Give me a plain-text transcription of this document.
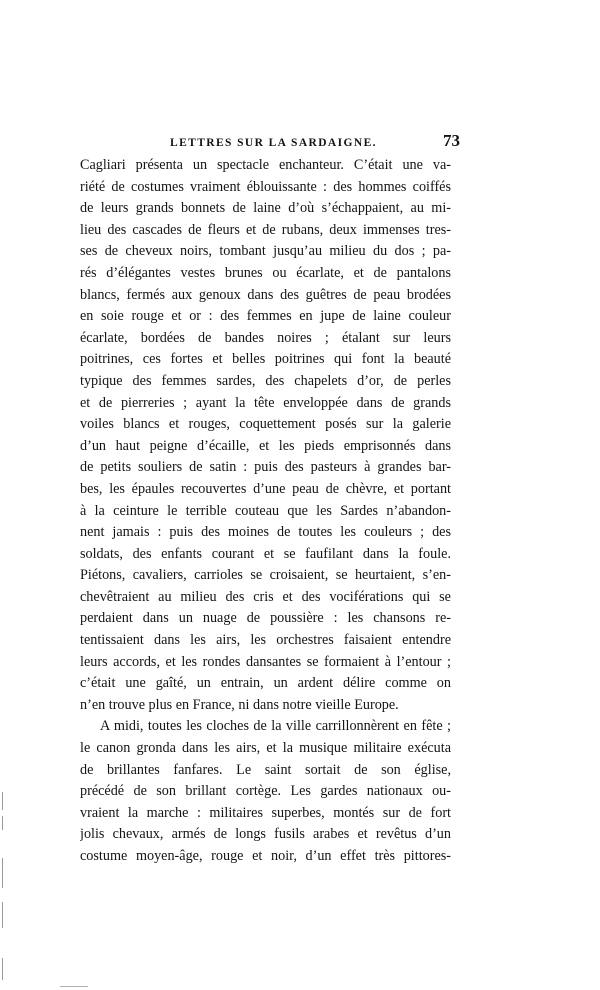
LETTRES SUR LA SARDAIGNE.	73
Cagliari présenta un spectacle enchanteur. C’était une va-
riété de costumes vraiment éblouissante : des hommes coiffés
de leurs grands bonnets de laine d’où s’échappaient, au mi-
lieu des cascades de fleurs et de rubans, deux immenses tres-
ses de cheveux noirs, tombant jusqu’au milieu du dos ; pa-
rés d’élégantes vestes brunes ou écarlate, et de pantalons
blancs, fermés aux genoux dans des guêtres de peau brodées
en soie rouge et or : des femmes en jupe de laine couleur
écarlate, bordées de bandes noires ; étalant sur leurs
poitrines, ces fortes et belles poitrines qui font la beauté
typique des femmes sardes, des chapelets d’or, de perles
et de pierreries ; ayant la tête enveloppée dans de grands
voiles blancs et rouges, coquettement posés sur la galerie
d’un haut peigne d’écaille, et les pieds emprisonnés dans
de petits souliers de satin : puis des pasteurs à grandes bar-
bes, les épaules recouvertes d’une peau de chèvre, et portant
à la ceinture le terrible couteau que les Sardes n’abandon-
nent jamais : puis des moines de toutes les couleurs ; des
soldats, des enfants courant et se faufilant dans la foule.
Piétons, cavaliers, carrioles se croisaient, se heurtaient, s’en-
chevêtraient au milieu des cris et des vociférations qui se
perdaient dans un nuage de poussière : les chansons re-
tentissaient dans les airs, les orchestres faisaient entendre
leurs accords, et les rondes dansantes se formaient à l’entour ;
c’était une gaîté, un entrain, un ardent délire comme on
n’en trouve plus en France, ni dans notre vieille Europe.
A midi, toutes les cloches de la ville carrillonnèrent en fête ;
le canon gronda dans les airs, et la musique militaire exécuta
de brillantes fanfares. Le saint sortait de son église,
précédé de son brillant cortège. Les gardes nationaux ou-
vraient la marche : militaires superbes, montés sur de fort
jolis chevaux, armés de longs fusils arabes et revêtus d’un
costume moyen-âge, rouge et noir, d’un effet très pittores-
